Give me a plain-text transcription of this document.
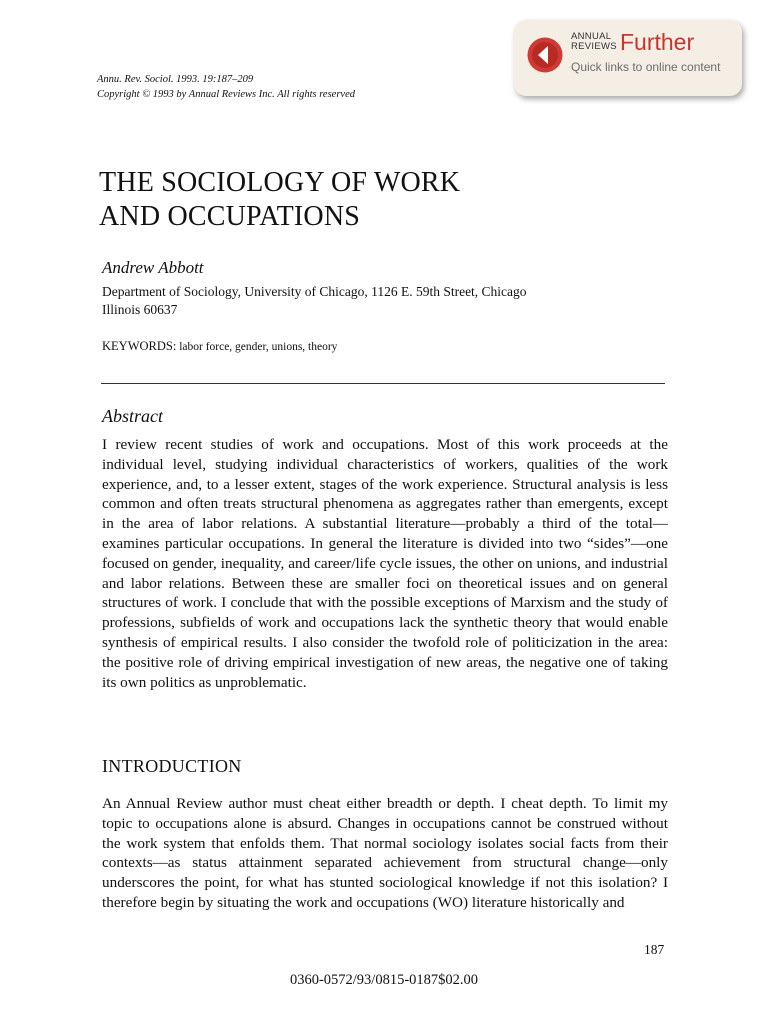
Annu. Rev. Sociol. 1993. 19:187–209
Copyright © 1993 by Annual Reviews Inc. All rights reserved
ANNUAL
REVIEWS Further
Quick links to online content
THE SOCIOLOGY OF WORK
AND OCCUPATIONS
Andrew Abbott
Department of Sociology, University of Chicago, 1126 E. 59th Street, Chicago
Illinois 60637
KEYWORDS: labor force, gender, unions, theory
Abstract

I review recent studies of work and occupations. Most of this work proceeds at the individual level, studying individual characteristics of workers, qualities of the work experience, and, to a lesser extent, stages of the work experience. Structural analysis is less common and often treats structural phenomena as aggregates rather than emergents, except in the area of labor relations. A substantial literature—probably a third of the total—examines particular occupations. In general the literature is divided into two “sides”—one focused on gender, inequality, and career/life cycle issues, the other on unions, and industrial and labor relations. Between these are smaller foci on theoretical issues and on general structures of work. I conclude that with the possible exceptions of Marxism and the study of professions, subfields of work and occupations lack the synthetic theory that would enable synthesis of empirical results. I also consider the twofold role of politicization in the area: the positive role of driving empirical investigation of new areas, the negative one of taking its own politics as unproblematic.

INTRODUCTION

An Annual Review author must cheat either breadth or depth. I cheat depth. To limit my topic to occupations alone is absurd. Changes in occupations cannot be construed without the work system that enfolds them. That normal sociology isolates social facts from their contexts—as status attainment separated achievement from structural change—only underscores the point, for what has stunted sociological knowledge if not this isolation? I therefore begin by situating the work and occupations (WO) literature historically and

187
0360-0572/93/0815-0187$02.00
